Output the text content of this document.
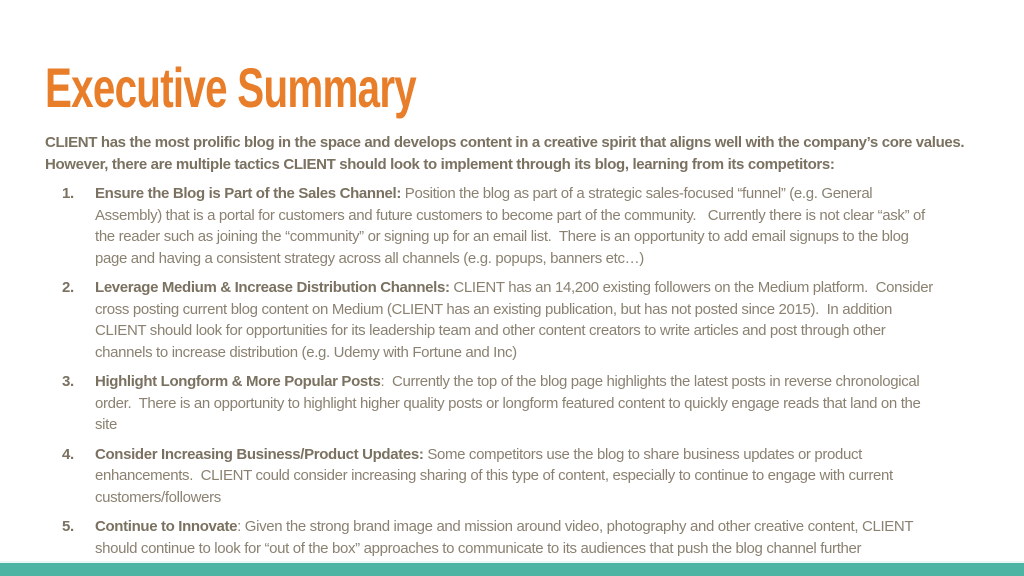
Executive Summary

CLIENT has the most prolific blog in the space and develops content in a creative spirit that aligns well with the company’s core values.  However, there are multiple tactics CLIENT should look to implement through its blog, learning from its competitors:

1.	Ensure the Blog is Part of the Sales Channel: Position the blog as part of a strategic sales-focused “funnel” (e.g. General Assembly) that is a portal for customers and future customers to become part of the community.   Currently there is not clear “ask” of the reader such as joining the “community” or signing up for an email list.  There is an opportunity to add email signups to the blog page and having a consistent strategy across all channels (e.g. popups, banners etc…)
2.	Leverage Medium & Increase Distribution Channels: CLIENT has an 14,200 existing followers on the Medium platform.  Consider cross posting current blog content on Medium (CLIENT has an existing publication, but has not posted since 2015).  In addition CLIENT should look for opportunities for its leadership team and other content creators to write articles and post through other channels to increase distribution (e.g. Udemy with Fortune and Inc)
3.	Highlight Longform & More Popular Posts:  Currently the top of the blog page highlights the latest posts in reverse chronological order.  There is an opportunity to highlight higher quality posts or longform featured content to quickly engage reads that land on the site
4.	Consider Increasing Business/Product Updates: Some competitors use the blog to share business updates or product enhancements.  CLIENT could consider increasing sharing of this type of content, especially to continue to engage with current customers/followers
5.	Continue to Innovate: Given the strong brand image and mission around video, photography and other creative content, CLIENT should continue to look for “out of the box” approaches to communicate to its audiences that push the blog channel further
